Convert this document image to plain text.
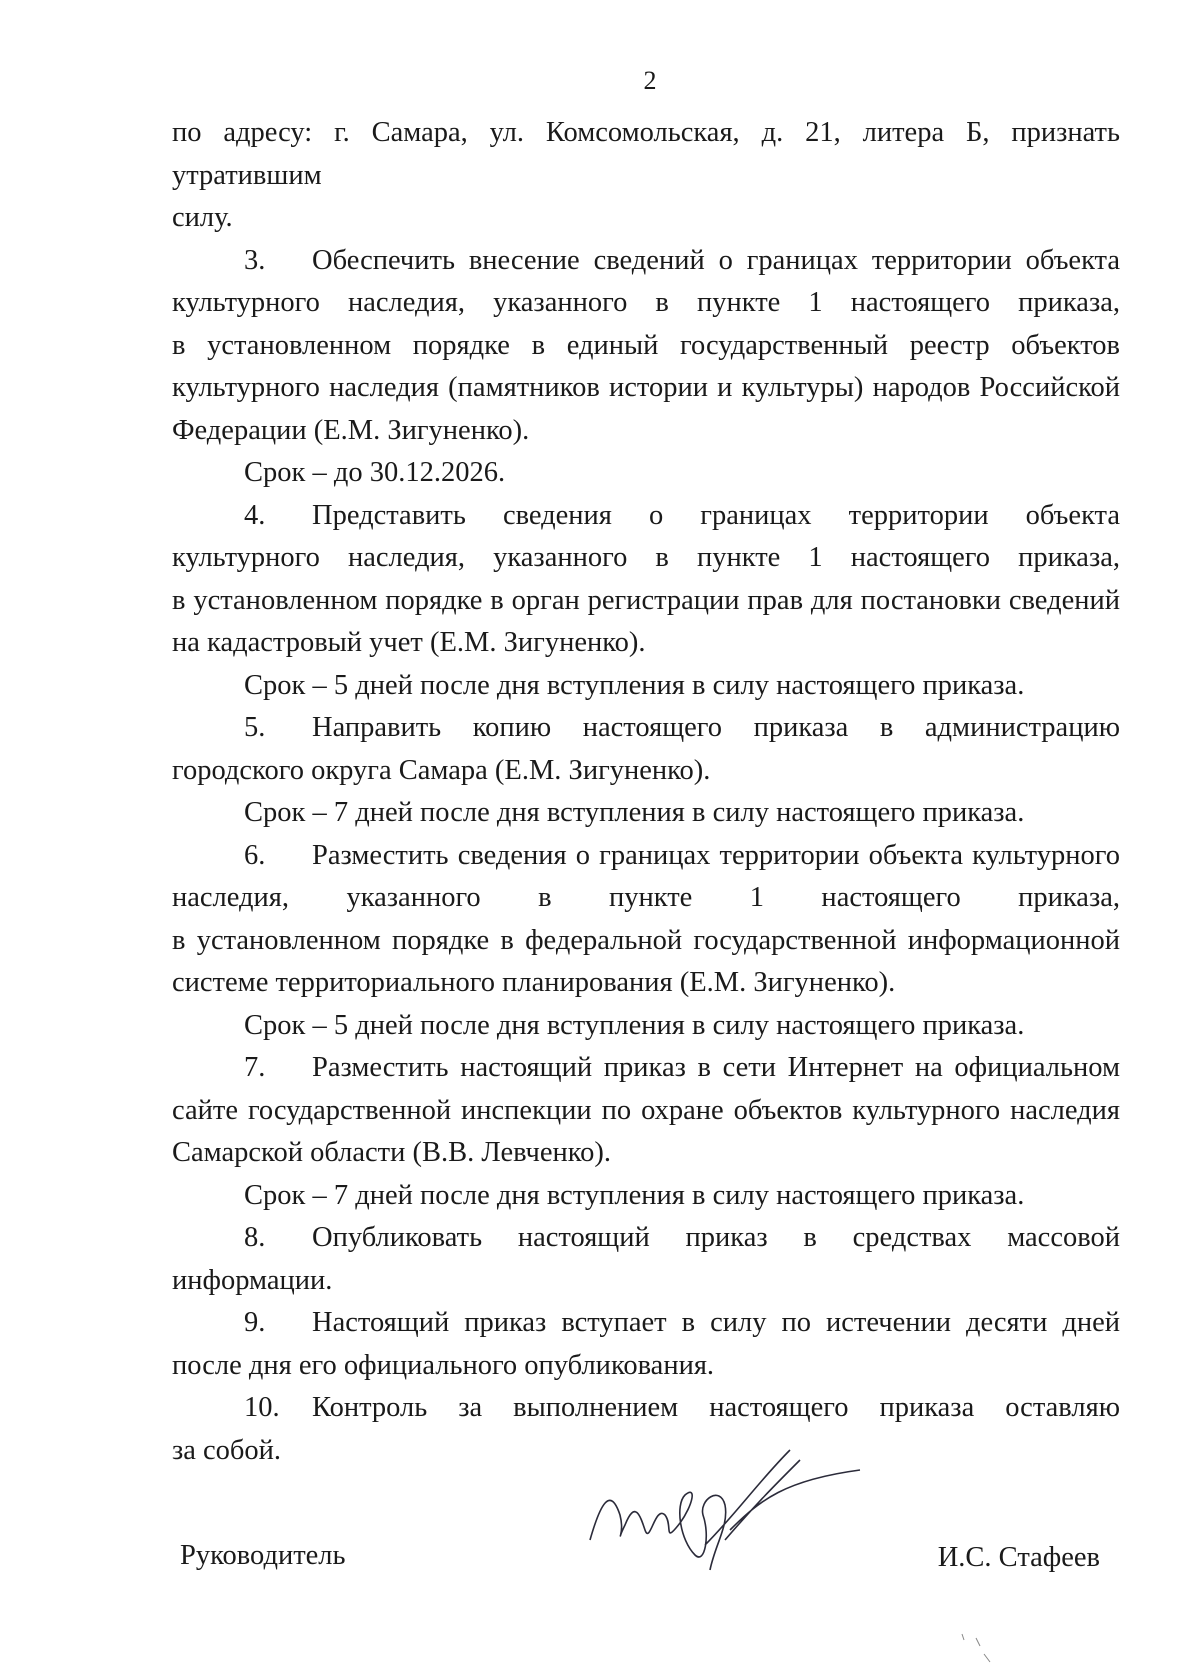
2
по адресу: г. Самара, ул. Комсомольская, д. 21, литера Б, признать утратившим
силу.
3. Обеспечить внесение сведений о границах территории объекта
культурного наследия, указанного в пункте 1 настоящего приказа,
в установленном порядке в единый государственный реестр объектов
культурного наследия (памятников истории и культуры) народов Российской
Федерации (Е.М. Зигуненко).
Срок – до 30.12.2026.
4. Представить сведения о границах территории объекта
культурного наследия, указанного в пункте 1 настоящего приказа,
в установленном порядке в орган регистрации прав для постановки сведений
на кадастровый учет (Е.М. Зигуненко).
Срок – 5 дней после дня вступления в силу настоящего приказа.
5. Направить копию настоящего приказа в администрацию
городского округа Самара (Е.М. Зигуненко).
Срок – 7 дней после дня вступления в силу настоящего приказа.
6. Разместить сведения о границах территории объекта культурного
наследия, указанного в пункте 1 настоящего приказа,
в установленном порядке в федеральной государственной информационной
системе территориального планирования (Е.М. Зигуненко).
Срок – 5 дней после дня вступления в силу настоящего приказа.
7. Разместить настоящий приказ в сети Интернет на официальном
сайте государственной инспекции по охране объектов культурного наследия
Самарской области (В.В. Левченко).
Срок – 7 дней после дня вступления в силу настоящего приказа.
8. Опубликовать настоящий приказ в средствах массовой
информации.
9. Настоящий приказ вступает в силу по истечении десяти дней
после дня его официального опубликования.
10. Контроль за выполнением настоящего приказа оставляю
за собой.
Руководитель	И.С. Стафеев
